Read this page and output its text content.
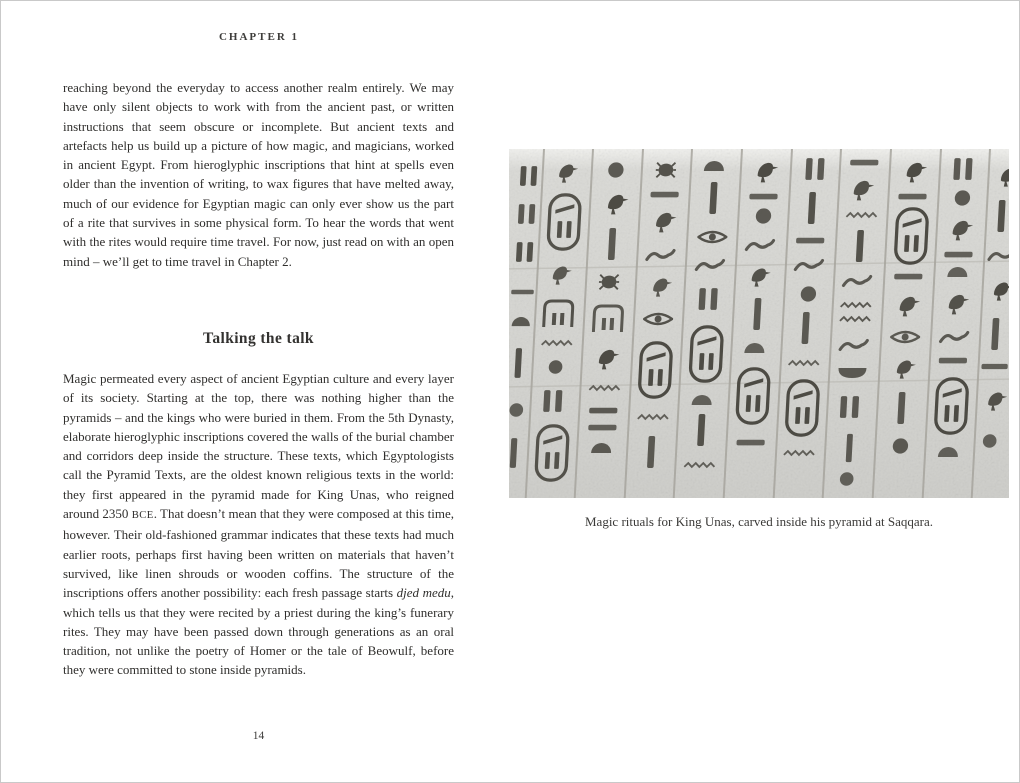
CHAPTER 1

reaching beyond the everyday to access another realm entirely. We may have only silent objects to work with from the ancient past, or written instructions that seem obscure or incomplete. But ancient texts and artefacts help us build up a picture of how magic, and magicians, worked in ancient Egypt. From hieroglyphic inscriptions that hint at spells even older than the invention of writing, to wax figures that have melted away, much of our evidence for Egyptian magic can only ever show us the part of a rite that survives in some physical form. To hear the words that went with the rites would require time travel. For now, just read on with an open mind – we’ll get to time travel in Chapter 2.

Talking the talk

Magic permeated every aspect of ancient Egyptian culture and every layer of its society. Starting at the top, there was nothing higher than the pyramids – and the kings who were buried in them. From the 5th Dynasty, elaborate hieroglyphic inscriptions covered the walls of the burial chamber and corridors deep inside the structure. These texts, which Egyptologists call the Pyramid Texts, are the oldest known religious texts in the world: they first appeared in the pyramid made for King Unas, who reigned around 2350 BCE. That doesn’t mean that they were composed at this time, however. Their old-fashioned grammar indicates that these texts had much earlier roots, perhaps first having been written on materials that haven’t survived, like linen shrouds or wooden coffins. The structure of the inscriptions offers another possibility: each fresh passage starts djed medu, which tells us that they were recited by a priest during the king’s funerary rites. They may have been passed down through generations as an oral tradition, not unlike the poetry of Homer or the tale of Beowulf, before they were committed to stone inside pyramids.

14
Magic rituals for King Unas, carved inside his pyramid at Saqqara.
